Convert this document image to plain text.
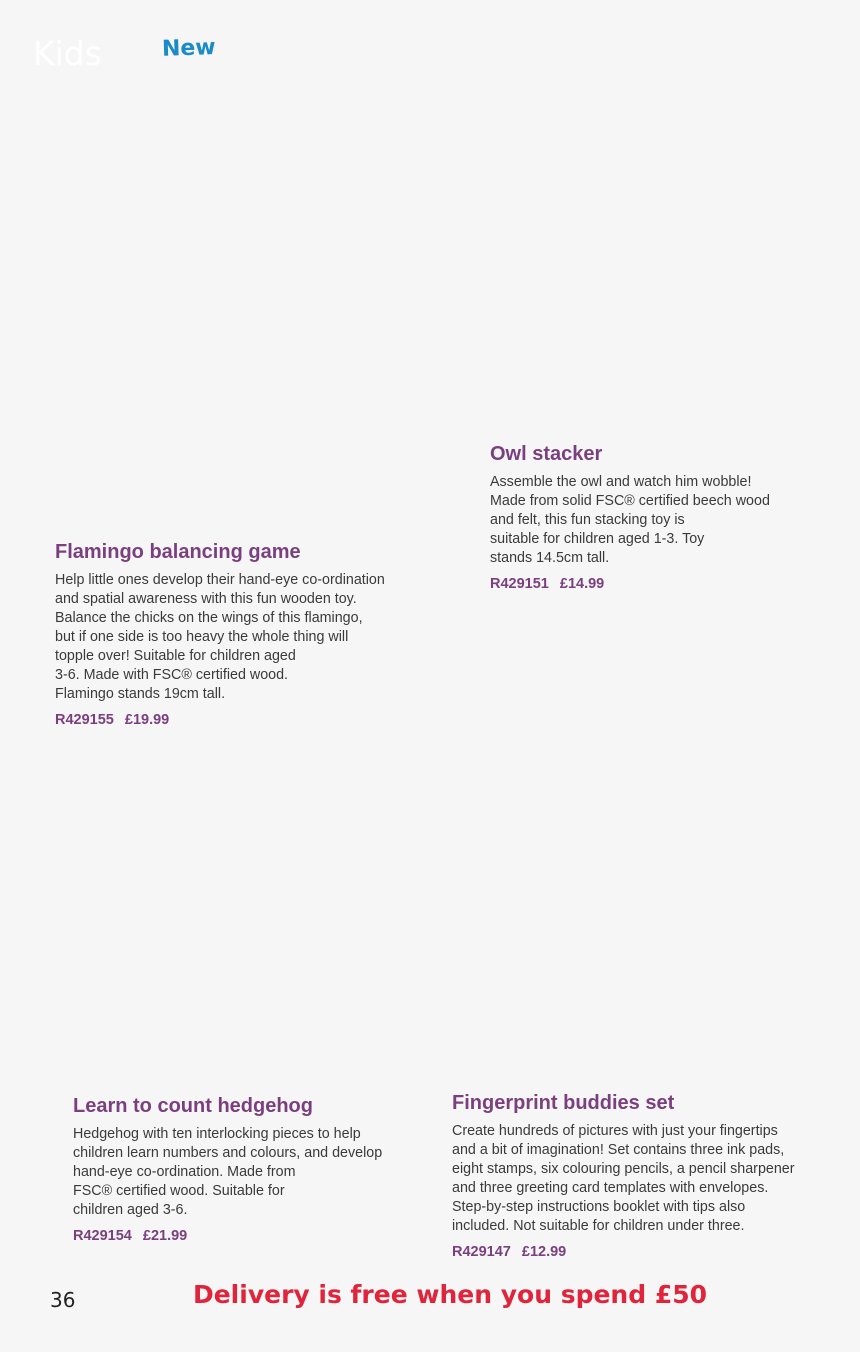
Kids	New
Owl stacker

Assemble the owl and watch him wobble!
Made from solid FSC® certified beech wood
and felt, this fun stacking toy is
suitable for children aged 1-3. Toy
stands 14.5cm tall.

R429151 £14.99
Flamingo balancing game

Help little ones develop their hand-eye co-ordination
and spatial awareness with this fun wooden toy.
Balance the chicks on the wings of this flamingo,
but if one side is too heavy the whole thing will
topple over! Suitable for children aged
3-6. Made with FSC® certified wood.
Flamingo stands 19cm tall.

R429155 £19.99
Learn to count hedgehog

Hedgehog with ten interlocking pieces to help
children learn numbers and colours, and develop
hand-eye co-ordination. Made from
FSC® certified wood. Suitable for
children aged 3-6.

R429154 £21.99
Fingerprint buddies set

Create hundreds of pictures with just your fingertips
and a bit of imagination! Set contains three ink pads,
eight stamps, six colouring pencils, a pencil sharpener
and three greeting card templates with envelopes.
Step-by-step instructions booklet with tips also
included. Not suitable for children under three.

R429147 £12.99
36	Delivery is free when you spend £50
